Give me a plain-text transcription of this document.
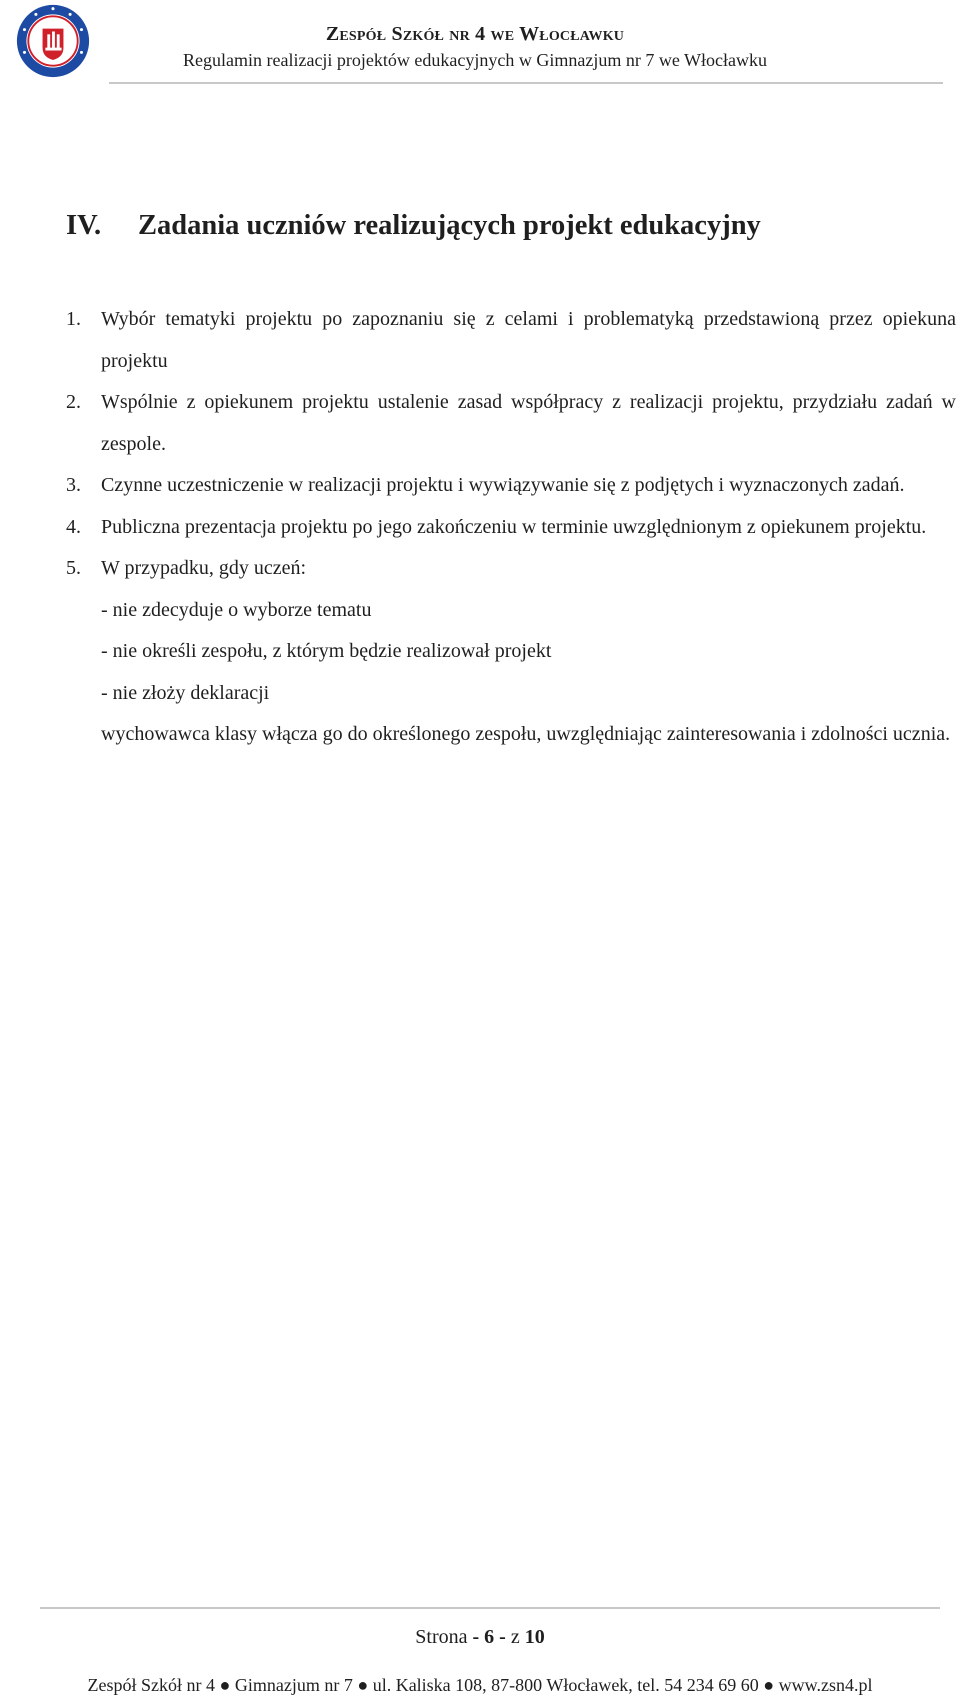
Zespół Szkół nr 4 we Włocławku
Regulamin realizacji projektów edukacyjnych w Gimnazjum nr 7 we Włocławku
IV. Zadania uczniów realizujących projekt edukacyjny
1. Wybór tematyki projektu po zapoznaniu się z celami i problematyką przedstawioną przez opiekuna projektu
2. Wspólnie z opiekunem projektu ustalenie zasad współpracy z realizacji projektu, przydziału zadań w zespole.
3. Czynne uczestniczenie w realizacji projektu i wywiązywanie się z podjętych i wyznaczonych zadań.
4. Publiczna prezentacja projektu po jego zakończeniu w terminie uwzględnionym z opiekunem projektu.
5. W przypadku, gdy uczeń:
- nie zdecyduje o wyborze tematu
- nie określi zespołu, z którym będzie realizował projekt
- nie złoży deklaracji
wychowawca klasy włącza go do określonego zespołu, uwzględniając zainteresowania i zdolności ucznia.
Strona - 6 - z 10
Zespół Szkół nr 4 ● Gimnazjum nr 7 ● ul. Kaliska 108, 87-800 Włocławek, tel. 54 234 69 60 ● www.zsn4.pl
